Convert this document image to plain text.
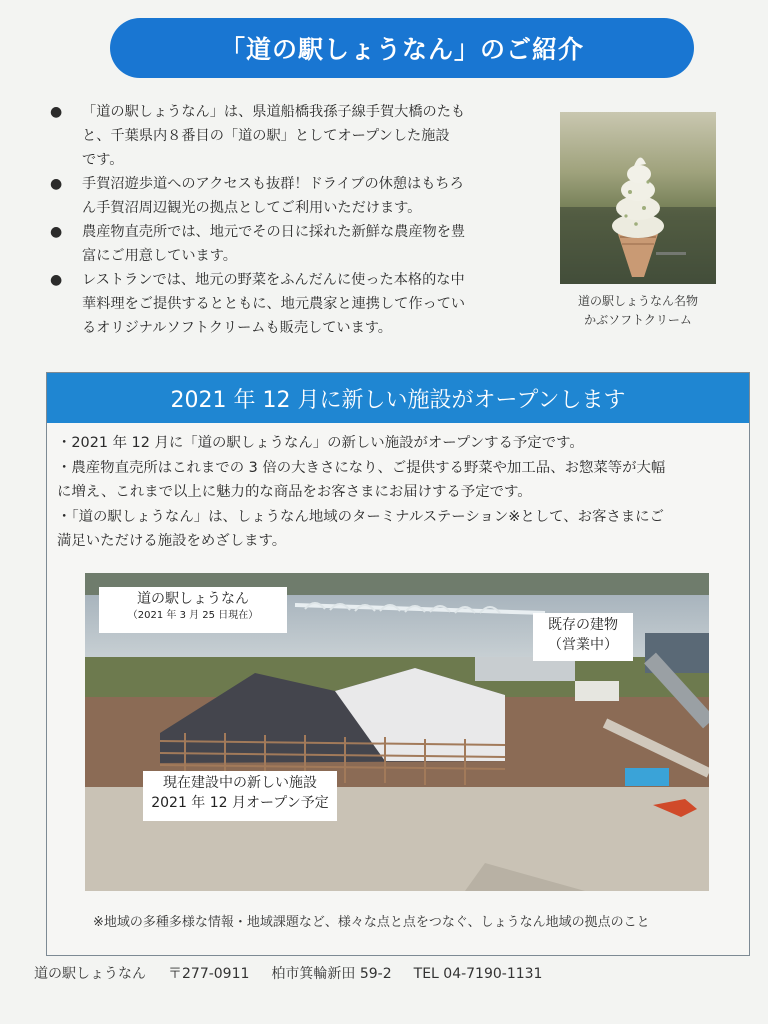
「道の駅しょうなん」のご紹介
● 「道の駅しょうなん」は、県道船橋我孫子線手賀大橋のたも
と、千葉県内８番目の「道の駅」としてオープンした施設
です。
● 手賀沼遊歩道へのアクセスも抜群！ドライブの休憩はもちろ
ん手賀沼周辺観光の拠点としてご利用いただけます。
● 農産物直売所では、地元でその日に採れた新鮮な農産物を豊
富にご用意しています。
● レストランでは、地元の野菜をふんだんに使った本格的な中
華料理をご提供するとともに、地元農家と連携して作ってい
るオリジナルソフトクリームも販売しています。
道の駅しょうなん名物
かぶソフトクリーム
2021 年 12 月に新しい施設がオープンします

・2021 年 12 月に「道の駅しょうなん」の新しい施設がオープンする予定です。

・農産物直売所はこれまでの 3 倍の大きさになり、ご提供する野菜や加工品、お惣菜等が大幅

に増え、これまで以上に魅力的な商品をお客さまにお届けする予定です。

・「道の駅しょうなん」は、しょうなん地域のターミナルステーション※として、お客さまにご

満足いただける施設をめざします。

道の駅しょうなん
（2021 年 3 月 25 日現在）
既存の建物
（営業中）
現在建設中の新しい施設
2021 年 12 月オープン予定
※地域の多種多様な情報・地域課題など、様々な点と点をつなぐ、しょうなん地域の拠点のこと
道の駅しょうなん 〒277-0911 柏市箕輪新田 59-2 TEL 04-7190-1131
